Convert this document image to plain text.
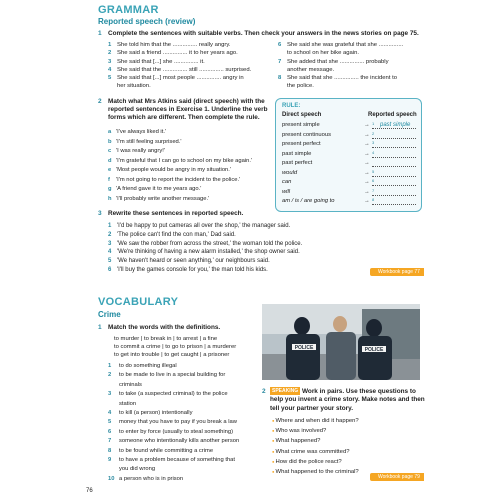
GRAMMAR
Reported speech (review)
1 Complete the sentences with suitable verbs. Then check your answers in the news stories on page 75.
1 She told him that the ............... really angry.
2 She said a friend ............... it to her years ago.
3 She said that [...] she ............... it.
4 She said that the ............... still ............... surprised.
5 She said that [...] most people ............... angry in
her situation.
6 She said she was grateful that she ...............
to school on her bike again.
7 She added that she ............... probably
another message.
8 She said that she ............... the incident to
the police.
2 Match what Mrs Atkins said (direct speech) with the
reported sentences in Exercise 1. Underline the verb
forms which are different. Then complete the rule.
a 'I've always liked it.'
b 'I'm still feeling surprised.'
c 'I was really angry!'
d 'I'm grateful that I can go to school on my bike again.'
e 'Most people would be angry in my situation.'
f 'I'm not going to report the incident to the police.'
g 'A friend gave it to me years ago.'
h 'I'll probably write another message.'
RULE:
Direct speech	Reported speech
present simple	→ 1 past simple
present continuous	→ 2
present perfect	→ 3
past simple	→ 4
past perfect	→
would	→ 5
can	→ 6
will	→ 7
am / is / are going to	→ 8
3 Rewrite these sentences in reported speech.
1 'I'd be happy to put cameras all over the shop,' the manager said.
2 'The police can't find the con man,' Dad said.
3 'We saw the robber from across the street,' the woman told the police.
4 'We're thinking of having a new alarm installed,' the shop owner said.
5 'We haven't heard or seen anything,' our neighbours said.
6 'I'll buy the games console for you,' the man told his kids.	Workbook page 77
VOCABULARY
Crime
1 Match the words with the definitions.
to murder | to break in | to arrest | a fine
to commit a crime | to go to prison | a murderer
to get into trouble | to get caught | a prisoner
1 to do something illegal
2 to be made to live in a special building for
criminals
3 to take (a suspected criminal) to the police
station
4 to kill (a person) intentionally
5 money that you have to pay if you break a law
6 to enter by force (usually to steal something)
7 someone who intentionally kills another person
8 to be found while committing a crime
9 to have a problem because of something that
you did wrong
10 a person who is in prison
POLICE	POLICE
2	SPEAKING Work in pairs. Use these questions to
help you invent a crime story. Make notes and then
tell your partner your story.
● Where and when did it happen?
● Who was involved?
● What happened?
● What crime was committed?
● How did the police react?
● What happened to the criminal?
Workbook page 79
76
